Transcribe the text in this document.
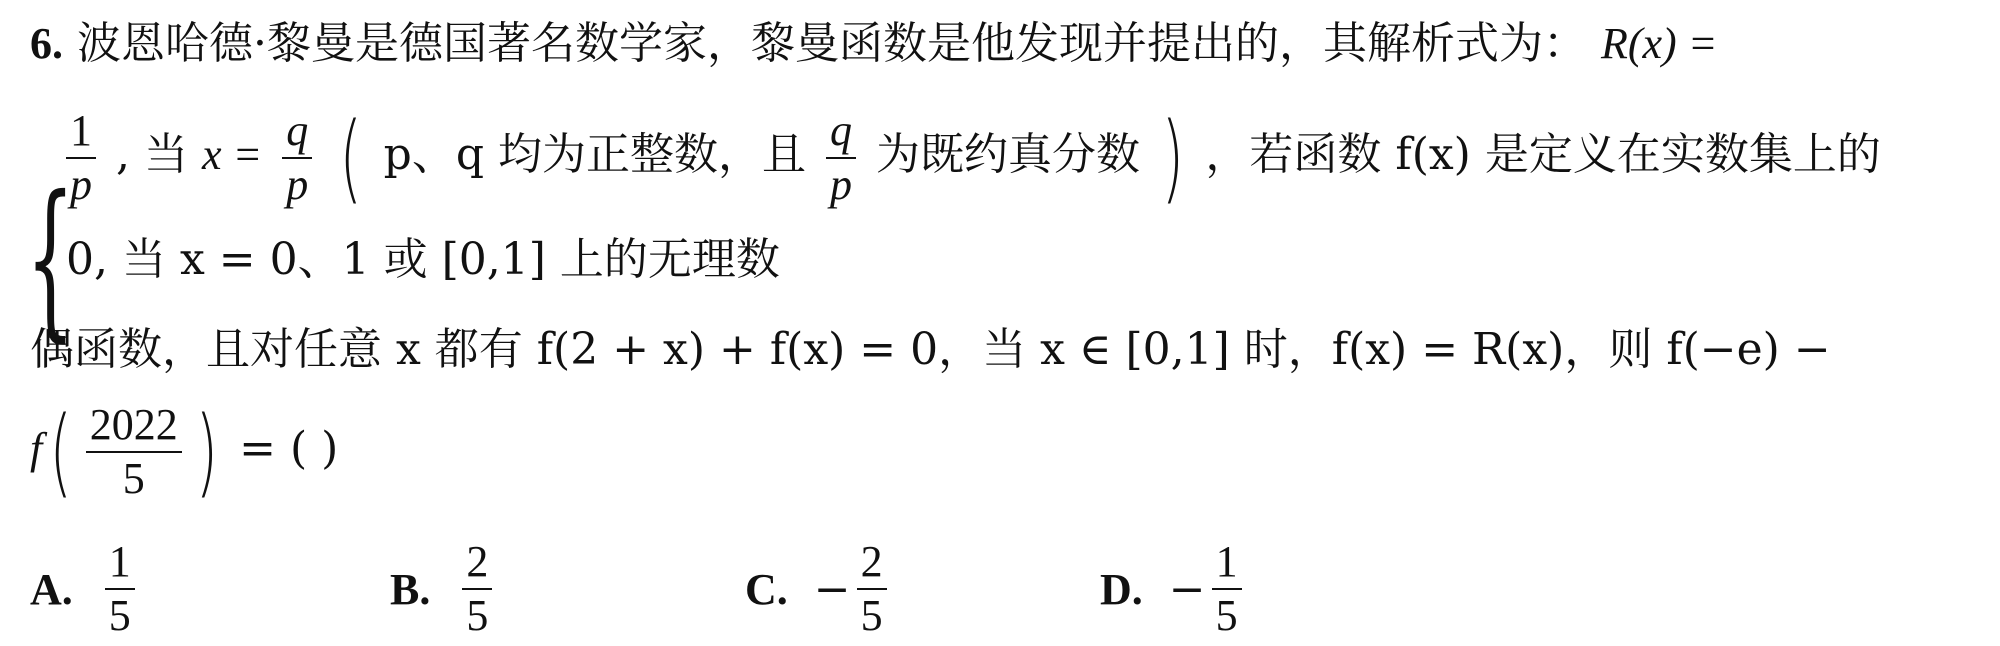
6. 波恩哈德·黎曼是德国著名数学家，黎曼函数是他发现并提出的，其解析式为： R(x) =
{
$\frac{1}{p}$ , 当 $x = \frac{q}{p}$ ( p、q 均为正整数，且 $\frac{q}{p}$ 为既约真分数 ) ，若函数 f(x) 是定义在实数集上的
0, 当 x = 0、1 或 [0,1] 上的无理数
偶函数，且对任意 x 都有 f(2 + x) + f(x) = 0，当 x ∈ [0,1] 时，f(x) = R(x)，则 f(−e) −
$f( \frac{2022}{5}$ ) = ( )
A. $\frac{1}{5}$	B. $\frac{2}{5}$	C. − $\frac{2}{5}$	D. − $\frac{1}{5}$
